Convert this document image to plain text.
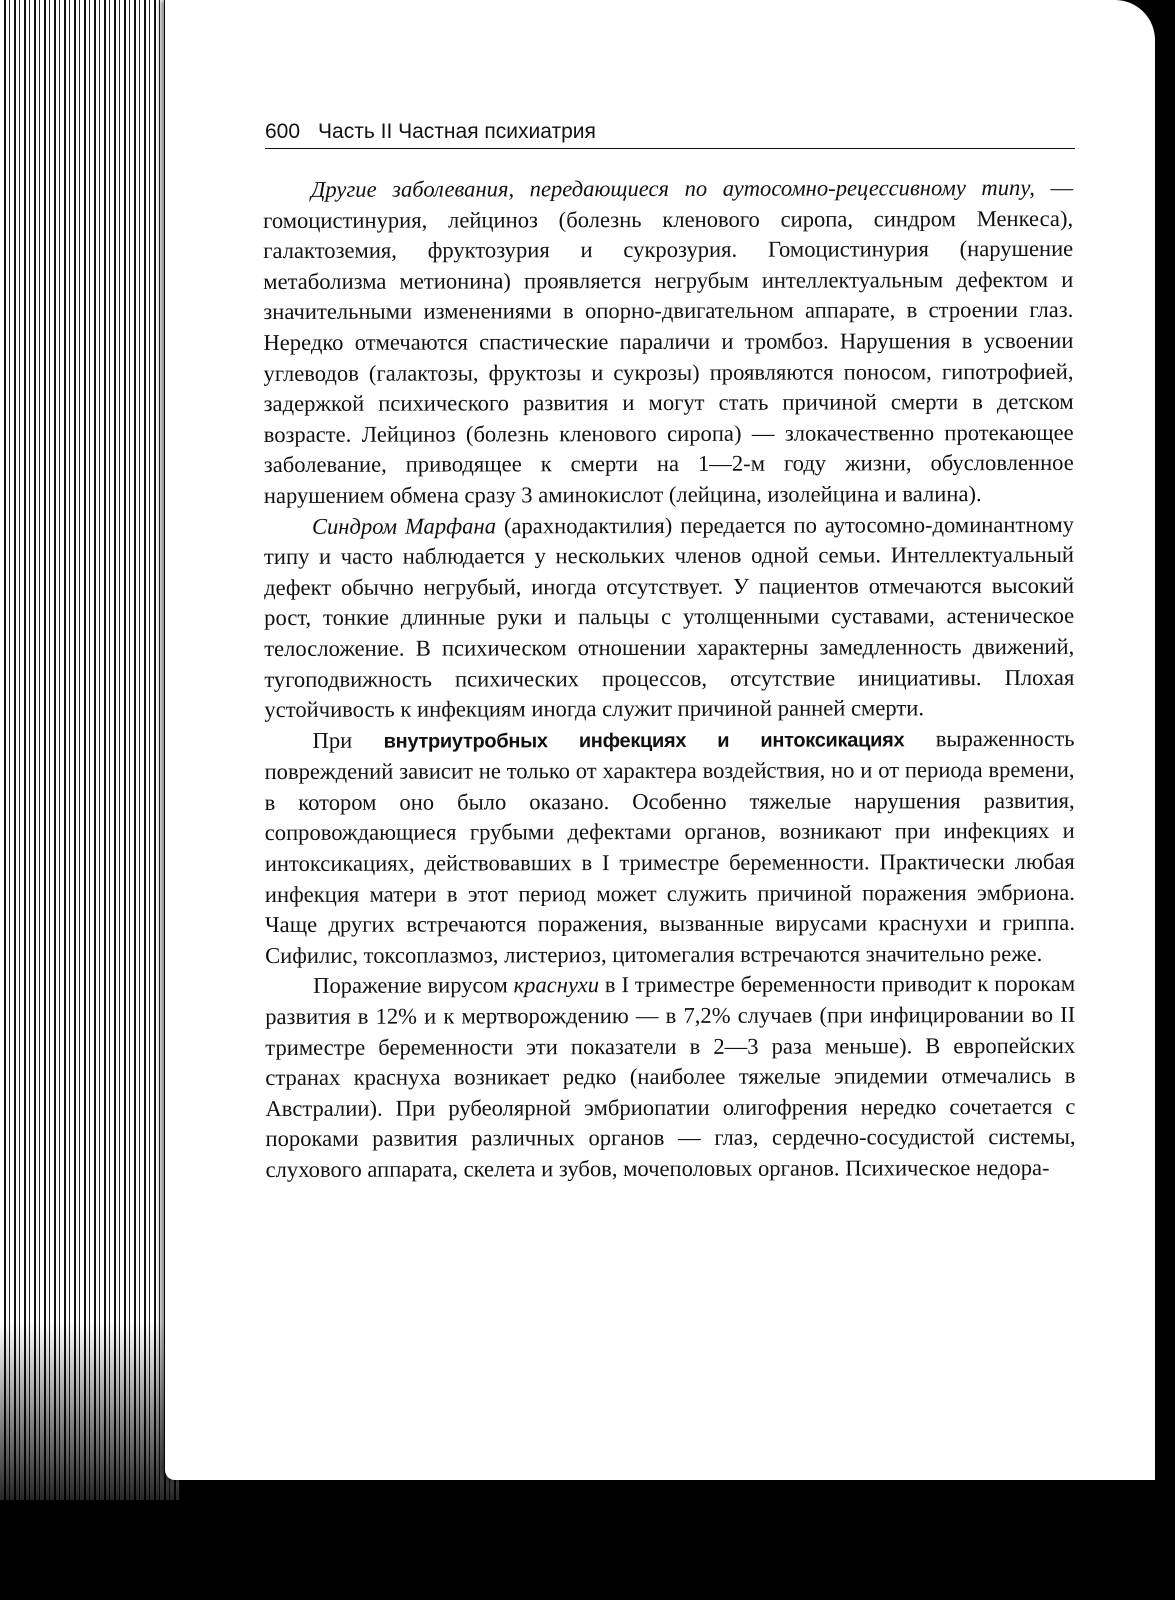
600 Часть II Частная психиатрия

Другие заболевания, передающиеся по аутосомно-рецессивному типу, — гомоцистинурия, лейциноз (болезнь кленового сиропа, синдром Менкеса), галактоземия, фруктозурия и сукрозурия. Гомоцистинурия (нарушение метаболизма метионина) проявляется негрубым интеллектуальным дефектом и значительными изменениями в опорно-двигательном аппарате, в строении глаз. Нередко отмечаются спастические параличи и тромбоз. Нарушения в усвоении углеводов (галактозы, фруктозы и сукрозы) проявляются поносом, гипотрофией, задержкой психического развития и могут стать причиной смерти в детском возрасте. Лейциноз (болезнь кленового сиропа) — злокачественно протекающее заболевание, приводящее к смерти на 1—2-м году жизни, обусловленное нарушением обмена сразу 3 аминокислот (лейцина, изолейцина и валина).

Синдром Марфана (арахнодактилия) передается по аутосомно-доминантному типу и часто наблюдается у нескольких членов одной семьи. Интеллектуальный дефект обычно негрубый, иногда отсутствует. У пациентов отмечаются высокий рост, тонкие длинные руки и пальцы с утолщенными суставами, астеническое телосложение. В психическом отношении характерны замедленность движений, тугоподвижность психических процессов, отсутствие инициативы. Плохая устойчивость к инфекциям иногда служит причиной ранней смерти.

При внутриутробных инфекциях и интоксикациях выраженность повреждений зависит не только от характера воздействия, но и от периода времени, в котором оно было оказано. Особенно тяжелые нарушения развития, сопровождающиеся грубыми дефектами органов, возникают при инфекциях и интоксикациях, действовавших в I триместре беременности. Практически любая инфекция матери в этот период может служить причиной поражения эмбриона. Чаще других встречаются поражения, вызванные вирусами краснухи и гриппа. Сифилис, токсоплазмоз, листериоз, цитомегалия встречаются значительно реже.

Поражение вирусом краснухи в I триместре беременности приводит к порокам развития в 12% и к мертворождению — в 7,2% случаев (при инфицировании во II триместре беременности эти показатели в 2—3 раза меньше). В европейских странах краснуха возникает редко (наиболее тяжелые эпидемии отмечались в Австралии). При рубеолярной эмбриопатии олигофрения нередко сочетается с пороками развития различных органов — глаз, сердечно-сосудистой системы, слухового аппарата, скелета и зубов, мочеполовых органов. Психическое недора-
